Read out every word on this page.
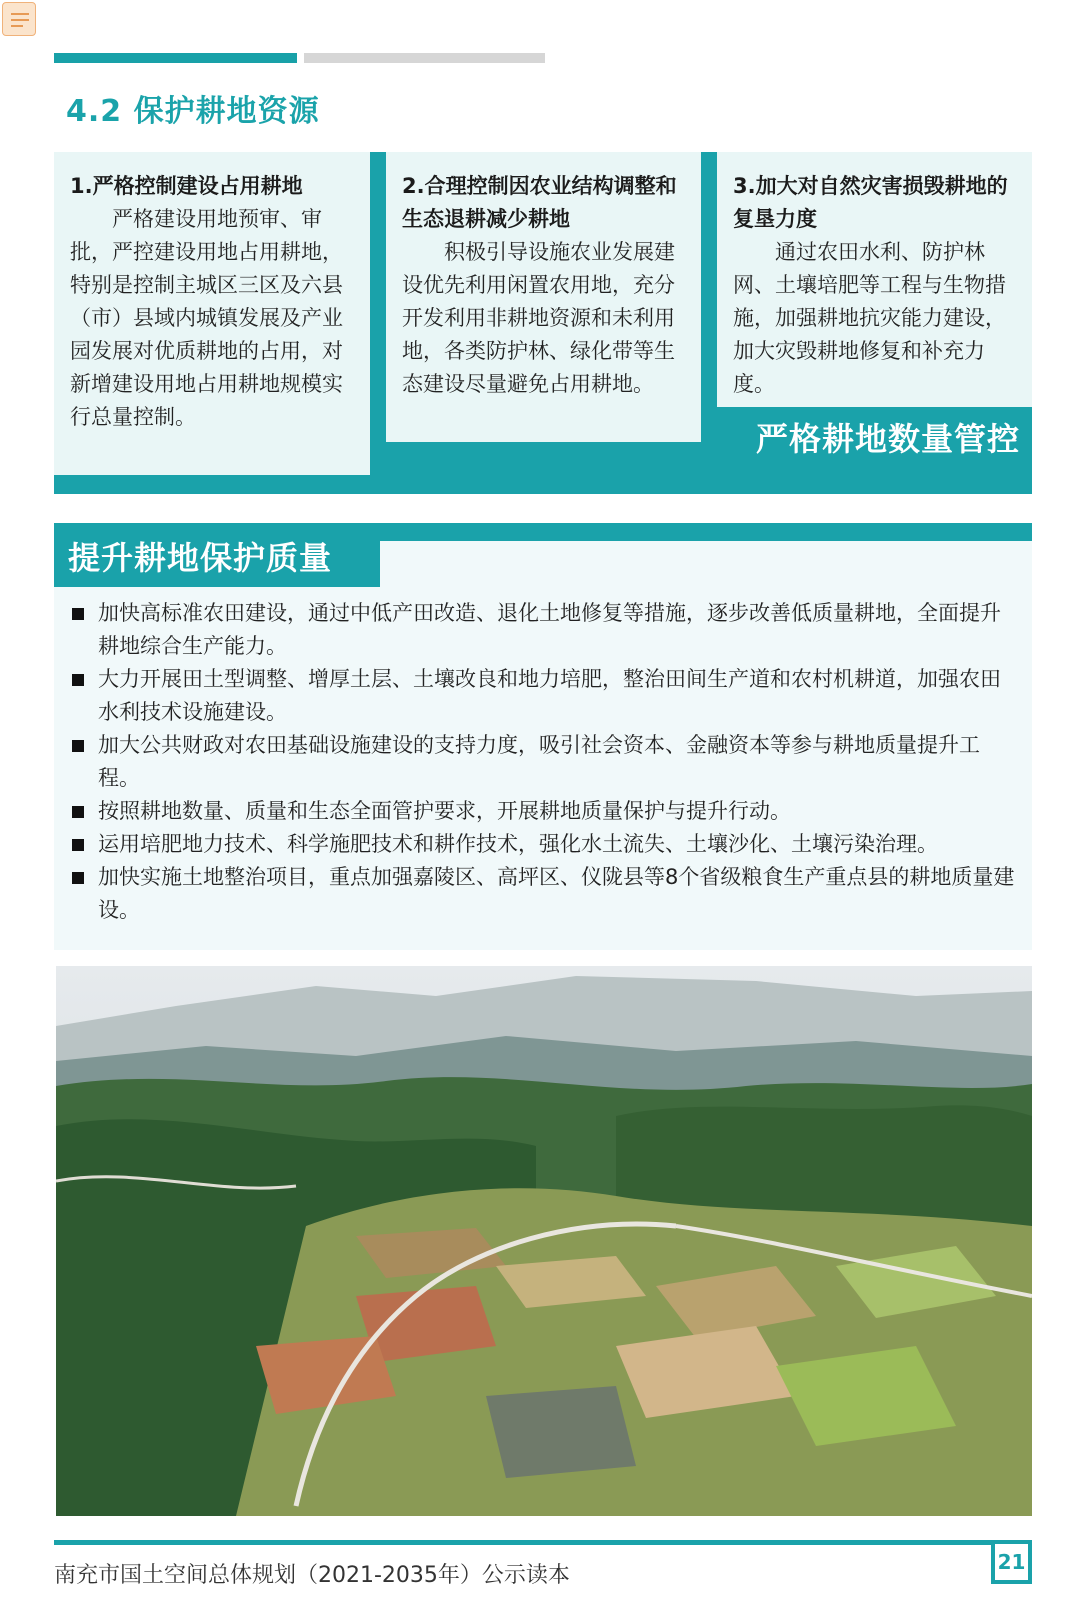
4.2 保护耕地资源
1.严格控制建设占用耕地

严格建设用地预审、审批，严控建设用地占用耕地，特别是控制主城区三区及六县（市）县域内城镇发展及产业园发展对优质耕地的占用，对新增建设用地占用耕地规模实行总量控制。

2.合理控制因农业结构调整和生态退耕减少耕地

积极引导设施农业发展建设优先利用闲置农用地，充分开发利用非耕地资源和未利用地，各类防护林、绿化带等生态建设尽量避免占用耕地。

3.加大对自然灾害损毁耕地的复垦力度

通过农田水利、防护林网、土壤培肥等工程与生物措施，加强耕地抗灾能力建设，加大灾毁耕地修复和补充力度。

严格耕地数量管控
提升耕地保护质量
加快高标准农田建设，通过中低产田改造、退化土地修复等措施，逐步改善低质量耕地，全面提升耕地综合生产能力。
大力开展田土型调整、增厚土层、土壤改良和地力培肥，整治田间生产道和农村机耕道，加强农田水利技术设施建设。
加大公共财政对农田基础设施建设的支持力度，吸引社会资本、金融资本等参与耕地质量提升工程。
按照耕地数量、质量和生态全面管护要求，开展耕地质量保护与提升行动。
运用培肥地力技术、科学施肥技术和耕作技术，强化水土流失、土壤沙化、土壤污染治理。
加快实施土地整治项目，重点加强嘉陵区、高坪区、仪陇县等8个省级粮食生产重点县的耕地质量建设。
南充市国土空间总体规划（2021-2035年）公示读本
21
